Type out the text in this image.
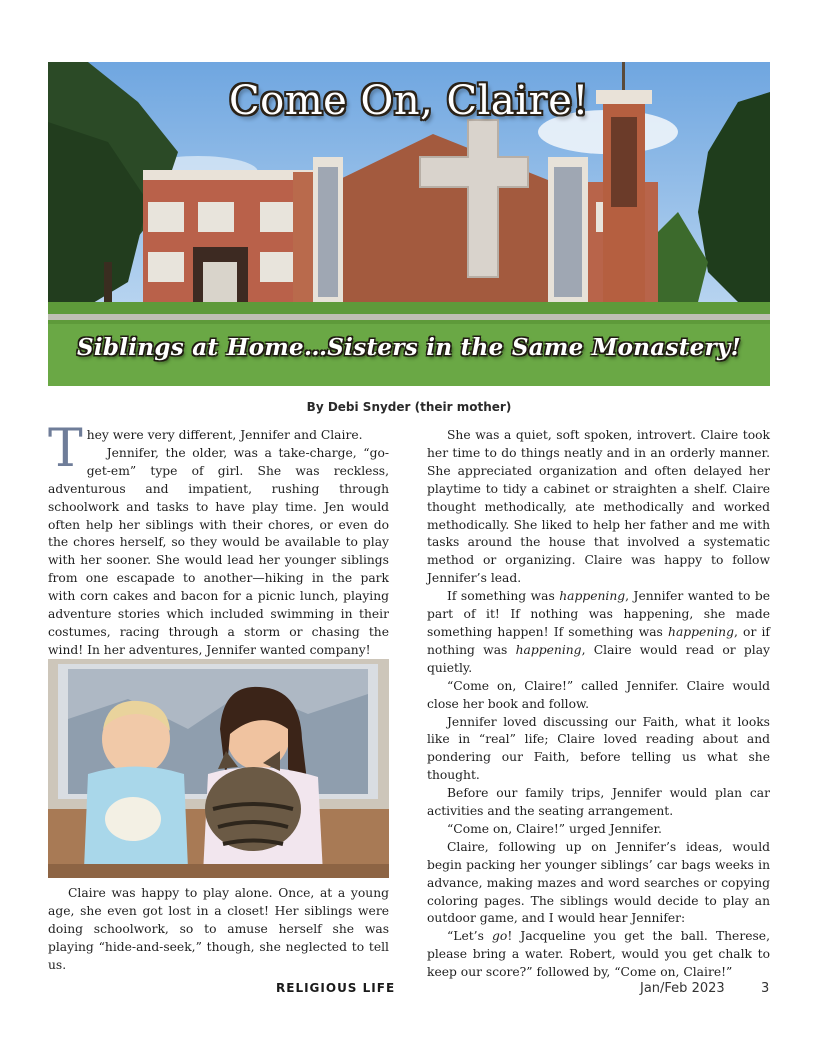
Come On, Claire!
Siblings at Home…Sisters in the Same Monastery!
By Debi Snyder (their mother)

They were very different, Jennifer and Claire.

Jennifer, the older, was a take-charge, “go-get-em” type of girl. She was reckless, adventurous and impatient, rushing through schoolwork and tasks to have play time. Jen would often help her siblings with their chores, or even do the chores herself, so they would be available to play with her sooner. She would lead her younger siblings from one escapade to another—hiking in the park with corn cakes and bacon for a picnic lunch, playing adventure stories which included swimming in their costumes, racing through a storm or chasing the wind! In her adventures, Jennifer wanted company!

Claire was happy to play alone. Once, at a young age, she even got lost in a closet! Her siblings were doing schoolwork, so to amuse herself she was playing “hide-and-seek,” though, she neglected to tell us.

She was a quiet, soft spoken, introvert. Claire took her time to do things neatly and in an orderly manner. She appreciated organization and often delayed her playtime to tidy a cabinet or straighten a shelf. Claire thought methodically, ate methodically and worked methodically. She liked to help her father and me with tasks around the house that involved a systematic method or organizing. Claire was happy to follow Jennifer’s lead.

If something was happening, Jennifer wanted to be part of it! If nothing was happening, she made something happen! If something was happening, or if nothing was happening, Claire would read or play quietly.

“Come on, Claire!” called Jennifer. Claire would close her book and follow.

Jennifer loved discussing our Faith, what it looks like in “real” life; Claire loved reading about and pondering our Faith, before telling us what she thought.

Before our family trips, Jennifer would plan car activities and the seating arrangement.

“Come on, Claire!” urged Jennifer.

Claire, following up on Jennifer’s ideas, would begin packing her younger siblings’ car bags weeks in advance, making mazes and word searches or copying coloring pages. The siblings would decide to play an outdoor game, and I would hear Jennifer:

“Let’s go! Jacqueline you get the ball. Therese, please bring a water. Robert, would you get chalk to keep our score?” followed by, “Come on, Claire!”

RELIGIOUS LIFE	Jan/Feb 2023	3
